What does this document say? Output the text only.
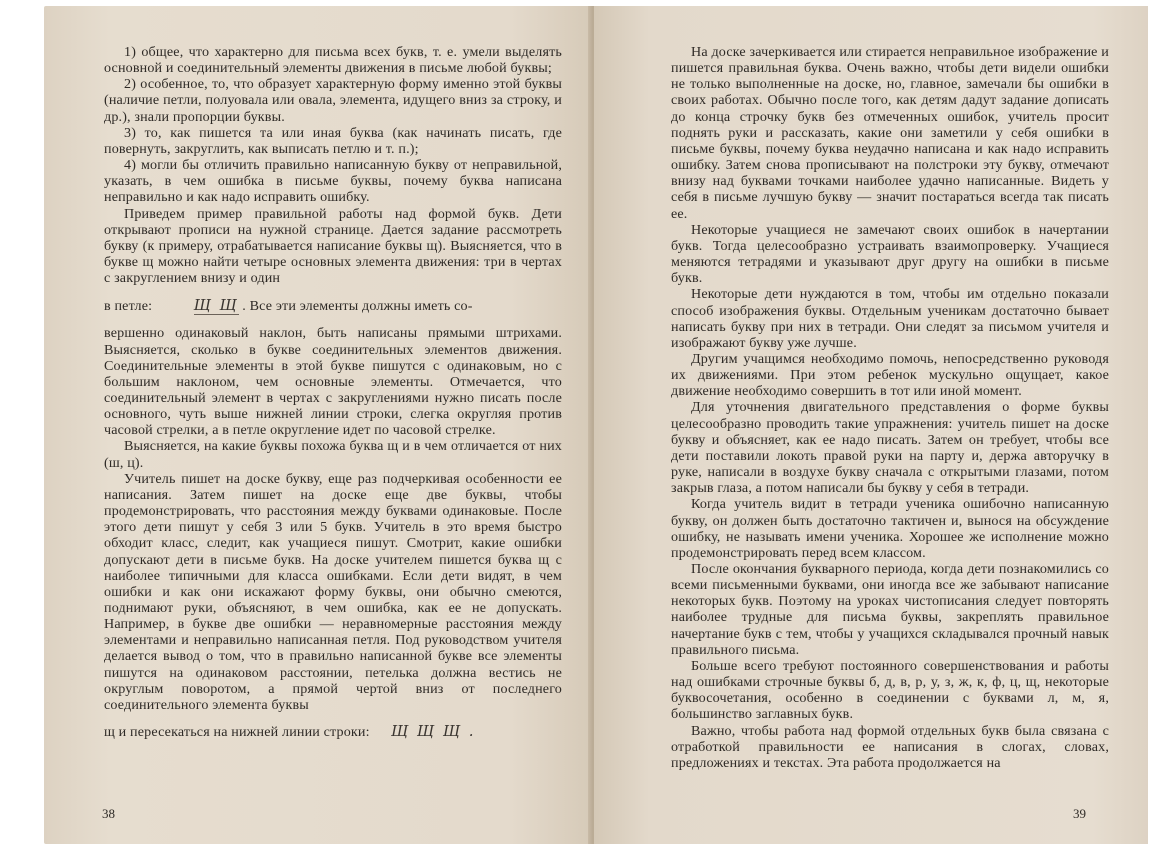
1) общее, что характерно для письма всех букв, т. е. умели выделять основной и соединительный элементы движения в письме любой буквы;

2) особенное, то, что образует характерную форму именно этой буквы (наличие петли, полуовала или овала, элемента, идущего вниз за строку, и др.), знали пропорции буквы.

3) то, как пишется та или иная буква (как начинать писать, где повернуть, закруглить, как выписать петлю и т. п.);

4) могли бы отличить правильно написанную букву от неправильной, указать, в чем ошибка в письме буквы, почему буква написана неправильно и как надо исправить ошибку.

Приведем пример правильной работы над формой букв. Дети открывают прописи на нужной странице. Дается задание рассмотреть букву (к примеру, отрабатывается написание буквы щ). Выясняется, что в букве щ можно найти четыре основных элемента движения: три в чертах с закруглением внизу и один

в петле:	Щ Щ . Все эти элементы должны иметь со-

вершенно одинаковый наклон, быть написаны прямыми штрихами. Выясняется, сколько в букве соединительных элементов движения. Соединительные элементы в этой букве пишутся с одинаковым, но с большим наклоном, чем основные элементы. Отмечается, что соединительный элемент в чертах с закруглениями нужно писать после основного, чуть выше нижней линии строки, слегка округляя против часовой стрелки, а в петле округление идет по часовой стрелке.

Выясняется, на какие буквы похожа буква щ и в чем отличается от них (ш, ц).

Учитель пишет на доске букву, еще раз подчеркивая особенности ее написания. Затем пишет на доске еще две буквы, чтобы продемонстрировать, что расстояния между буквами одинаковые. После этого дети пишут у себя 3 или 5 букв. Учитель в это время быстро обходит класс, следит, как учащиеся пишут. Смотрит, какие ошибки допускают дети в письме букв. На доске учителем пишется буква щ с наиболее типичными для класса ошибками. Если дети видят, в чем ошибки и как они искажают форму буквы, они обычно смеются, поднимают руки, объясняют, в чем ошибка, как ее не допускать. Например, в букве две ошибки — неравномерные расстояния между элементами и неправильно написанная петля. Под руководством учителя делается вывод о том, что в правильно написанной букве все элементы пишутся на одинаковом расстоянии, петелька должна вестись не округлым поворотом, а прямой чертой вниз от последнего соединительного элемента буквы

щ и пересекаться на нижней линии строки: Щ Щ Щ .

38

На доске зачеркивается или стирается неправильное изображение и пишется правильная буква. Очень важно, чтобы дети видели ошибки не только выполненные на доске, но, главное, замечали бы ошибки в своих работах. Обычно после того, как детям дадут задание дописать до конца строчку букв без отмеченных ошибок, учитель просит поднять руки и рассказать, какие они заметили у себя ошибки в письме буквы, почему буква неудачно написана и как надо исправить ошибку. Затем снова прописывают на полстроки эту букву, отмечают внизу над буквами точками наиболее удачно написанные. Видеть у себя в письме лучшую букву — значит постараться всегда так писать ее.

Некоторые учащиеся не замечают своих ошибок в начертании букв. Тогда целесообразно устраивать взаимопроверку. Учащиеся меняются тетрадями и указывают друг другу на ошибки в письме букв.

Некоторые дети нуждаются в том, чтобы им отдельно показали способ изображения буквы. Отдельным ученикам достаточно бывает написать букву при них в тетради. Они следят за письмом учителя и изображают букву уже лучше.

Другим учащимся необходимо помочь, непосредственно руководя их движениями. При этом ребенок мускульно ощущает, какое движение необходимо совершить в тот или иной момент.

Для уточнения двигательного представления о форме буквы целесообразно проводить такие упражнения: учитель пишет на доске букву и объясняет, как ее надо писать. Затем он требует, чтобы все дети поставили локоть правой руки на парту и, держа авторучку в руке, написали в воздухе букву сначала с открытыми глазами, потом закрыв глаза, а потом написали бы букву у себя в тетради.

Когда учитель видит в тетради ученика ошибочно написанную букву, он должен быть достаточно тактичен и, вынося на обсуждение ошибку, не называть имени ученика. Хорошее же исполнение можно продемонстрировать перед всем классом.

После окончания букварного периода, когда дети познакомились со всеми письменными буквами, они иногда все же забывают написание некоторых букв. Поэтому на уроках чистописания следует повторять наиболее трудные для письма буквы, закреплять правильное начертание букв с тем, чтобы у учащихся складывался прочный навык правильного письма.

Больше всего требуют постоянного совершенствования и работы над ошибками строчные буквы б, д, в, р, у, з, ж, к, ф, ц, щ, некоторые буквосочетания, особенно в соединении с буквами л, м, я, большинство заглавных букв.

Важно, чтобы работа над формой отдельных букв была связана с отработкой правильности ее написания в слогах, словах, предложениях и текстах. Эта работа продолжается на

39
